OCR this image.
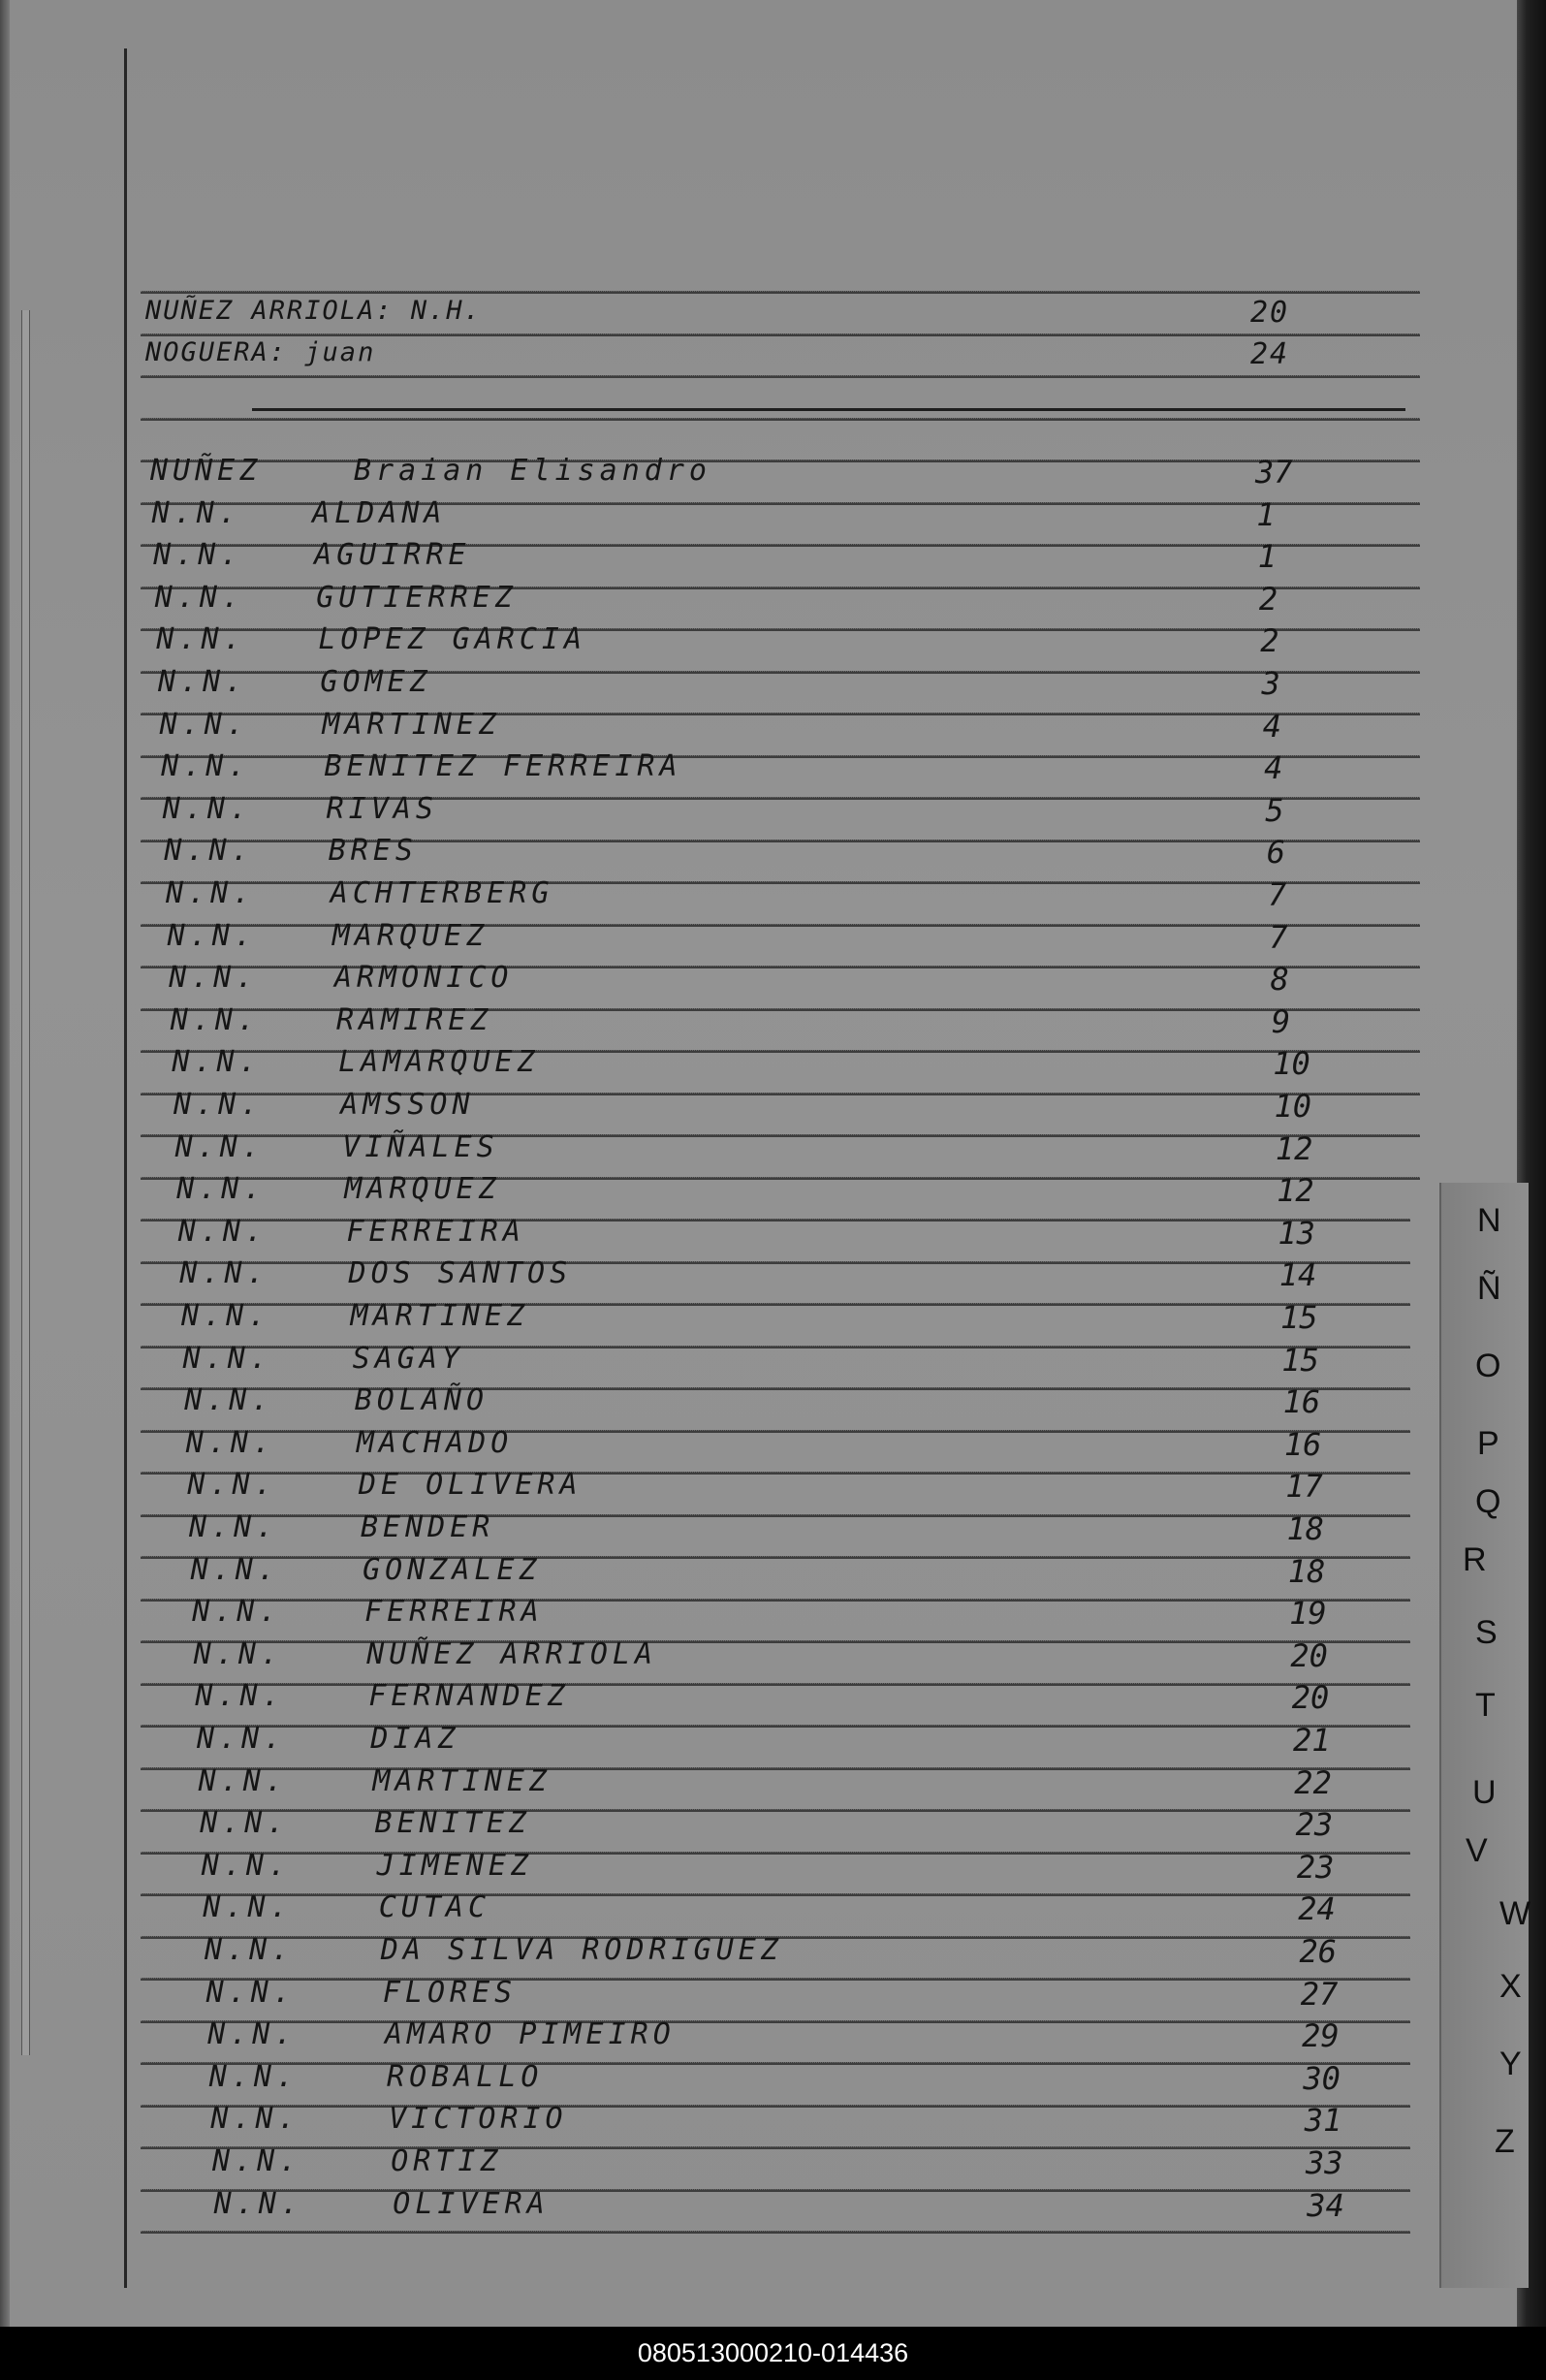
NUÑEZ ARRIOLA: N.H.	20
NOGUERA: juan	24
NUÑEZ	Braian Elisandro	37
N.N. ALDANA	1
N.N. AGUIRRE	1
N.N. GUTIERREZ	2
N.N. LOPEZ GARCIA	2
N.N.	GOMEZ	3
N.N.	MARTINEZ	4
N.N.	BENITEZ FERREIRA	4
N.N.	RIVAS	5
N.N.	BRES	6
N.N.	ACHTERBERG	7
N.N.	MARQUEZ	7
N.N.	ARMONICO	8
N.N.	RAMIREZ	9
N.N.	LAMARQUEZ	10
N.N.	AMSSON	10
N.N.	VIÑALES	12
N.N.	MARQUEZ	12
N.N.	FERREIRA	13
N.N.	DOS SANTOS	14
N.N.	MARTINEZ	15
N.N.	SAGAY	15
N.N.	BOLAÑO	16
N.N.	MACHADO	16
N.N.	DE OLIVERA	17
N.N.	BENDER	18
N.N.	GONZALEZ	18
N.N.	FERREIRA	19
N.N.	NUÑEZ ARRIOLA	20
N.N.	FERNANDEZ	20
N.N.	DIAZ	21
N.N.	MARTINEZ	22
N.N.	BENITEZ	23
N.N.	JIMENEZ	23
N.N.	CUTAC	24
N.N.	DA SILVA RODRIGUEZ	26
N.N.	FLORES	27
N.N.	AMARO PIMEIRO	29
N.N.	ROBALLO	30
N.N.	VICTORIO	31
N.N.	ORTIZ	33
N.N.	OLIVERA	34
N
Ñ
O
P
Q
R
S
T
U
V
W
X
Y
Z
080513000210-014436
